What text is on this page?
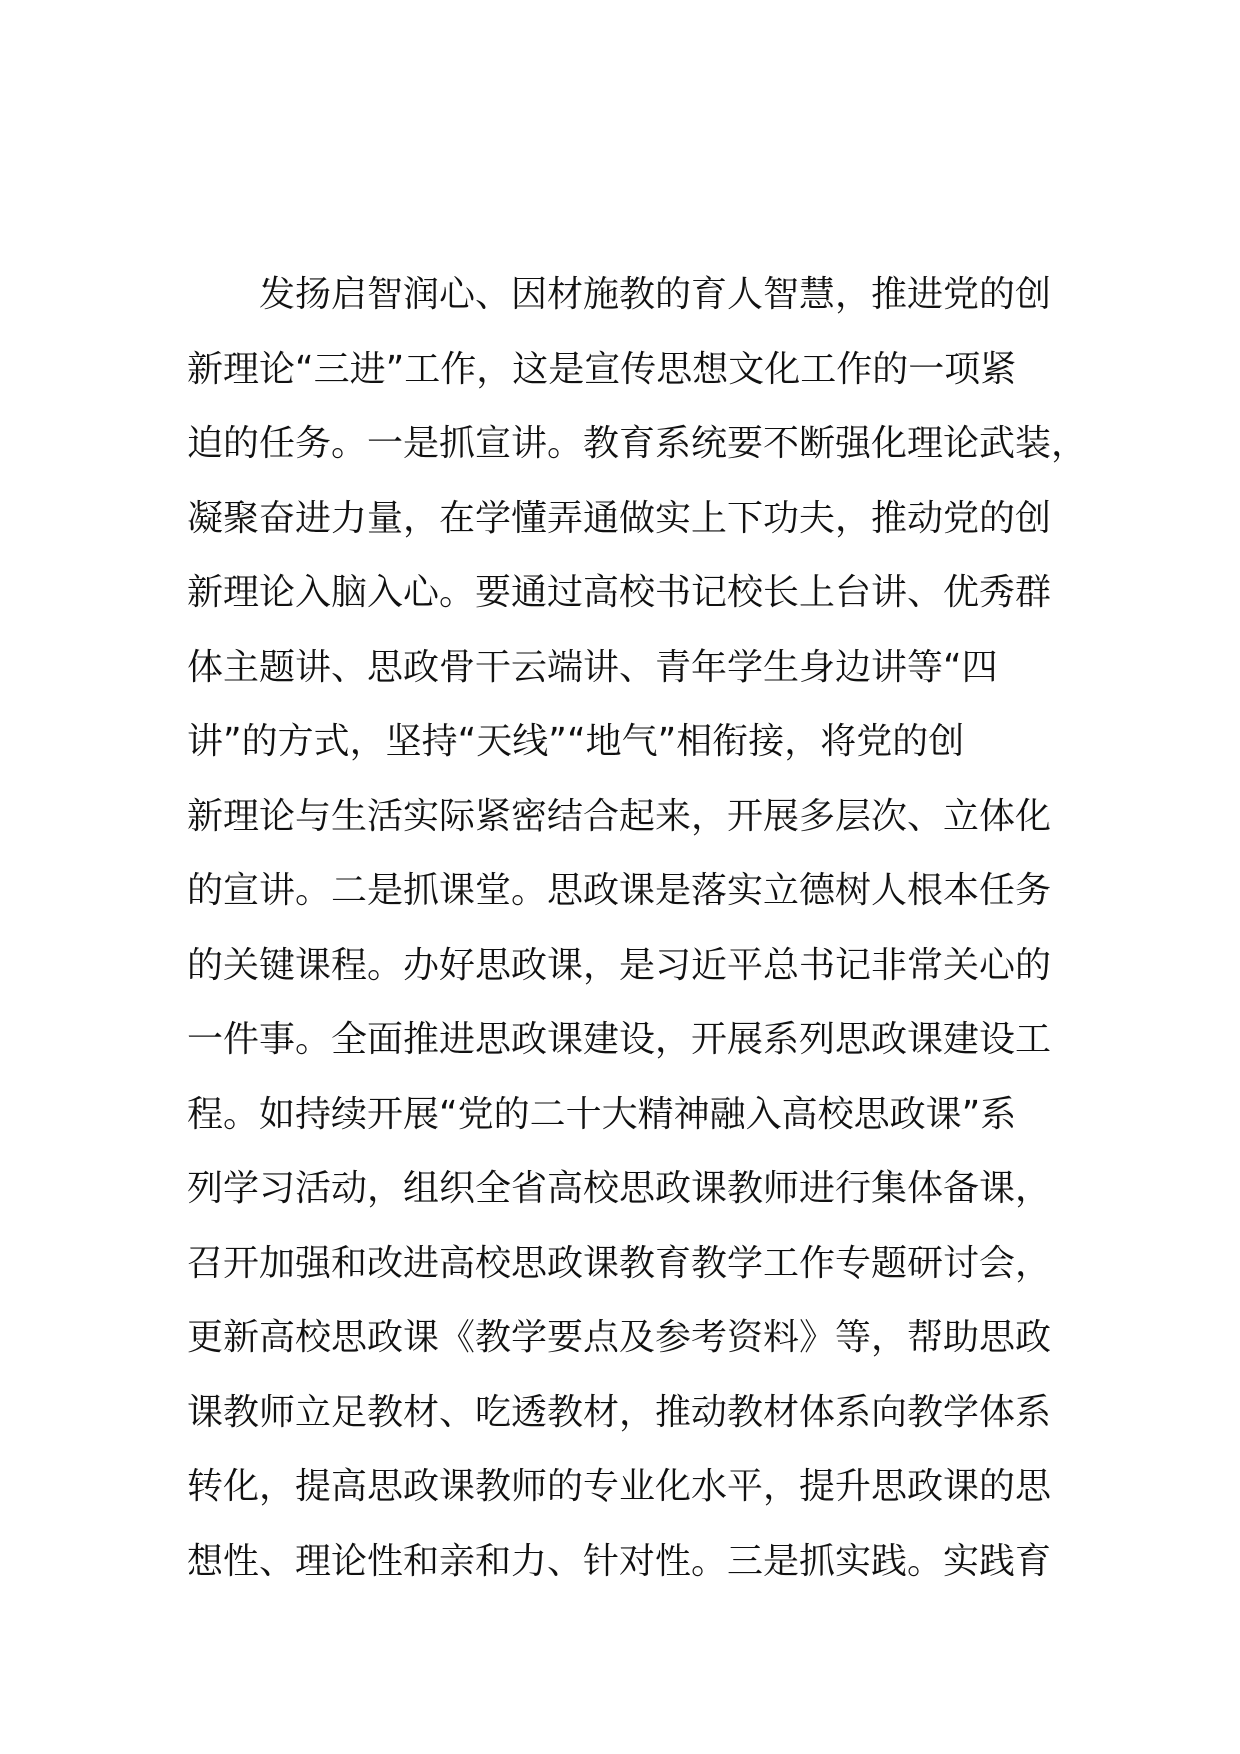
发扬启智润心、因材施教的育人智慧，推进党的创
新理论“三进”工作，这是宣传思想文化工作的一项紧
迫的任务。一是抓宣讲。教育系统要不断强化理论武装，
凝聚奋进力量，在学懂弄通做实上下功夫，推动党的创
新理论入脑入心。要通过高校书记校长上台讲、优秀群
体主题讲、思政骨干云端讲、青年学生身边讲等“四
讲”的方式，坚持“天线”“地气”相衔接，将党的创
新理论与生活实际紧密结合起来，开展多层次、立体化
的宣讲。二是抓课堂。思政课是落实立德树人根本任务
的关键课程。办好思政课，是习近平总书记非常关心的
一件事。全面推进思政课建设，开展系列思政课建设工
程。如持续开展“党的二十大精神融入高校思政课”系
列学习活动，组织全省高校思政课教师进行集体备课，
召开加强和改进高校思政课教育教学工作专题研讨会，
更新高校思政课《教学要点及参考资料》等，帮助思政
课教师立足教材、吃透教材，推动教材体系向教学体系
转化，提高思政课教师的专业化水平，提升思政课的思
想性、理论性和亲和力、针对性。三是抓实践。实践育
